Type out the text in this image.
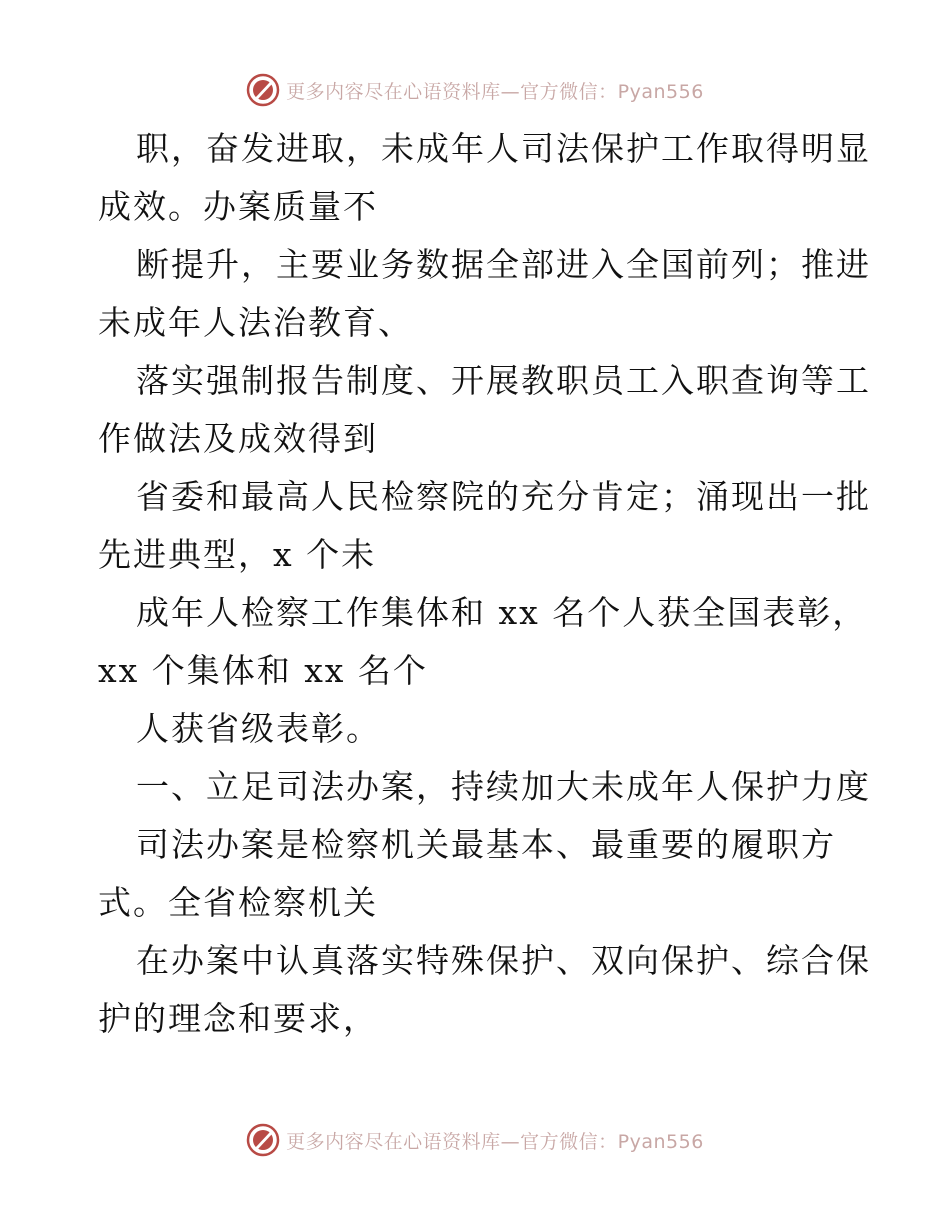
更多内容尽在心语资料库—官方微信：Pyan556
职，奋发进取，未成年人司法保护工作取得明显
成效。办案质量不
断提升，主要业务数据全部进入全国前列；推进
未成年人法治教育、
落实强制报告制度、开展教职员工入职查询等工
作做法及成效得到
省委和最高人民检察院的充分肯定；涌现出一批
先进典型，x 个未
成年人检察工作集体和 xx 名个人获全国表彰，
xx 个集体和 xx 名个
人获省级表彰。
一、立足司法办案，持续加大未成年人保护力度
司法办案是检察机关最基本、最重要的履职方
式。全省检察机关
在办案中认真落实特殊保护、双向保护、综合保
护的理念和要求，
更多内容尽在心语资料库—官方微信：Pyan556
